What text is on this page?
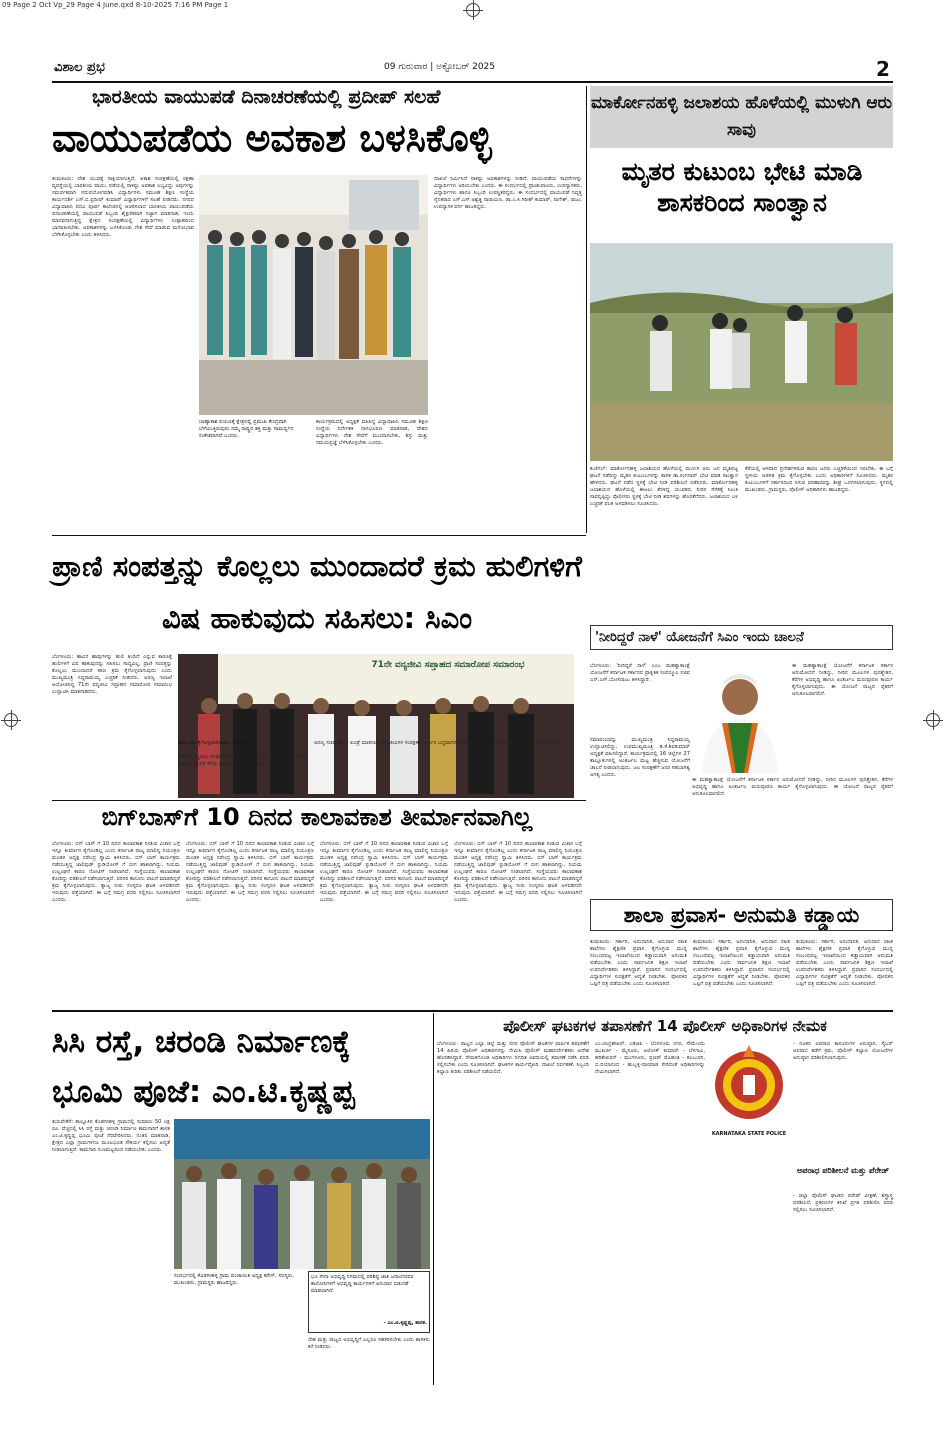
09 Page 2 Oct Vp_29 Page 4 June.qxd 8-10-2025 7:16 PM Page 1
ವಿಶಾಲ ಪ್ರಭ	09 ಗುರುವಾರ | ಅಕ್ಟೋಬರ್ 2025	2
ಭಾರತೀಯ ವಾಯುಪಡೆ ದಿನಾಚರಣೆಯಲ್ಲಿ ಪ್ರದೀಪ್ ಸಲಹೆ
ವಾಯುಪಡೆಯ ಅವಕಾಶ ಬಳಸಿಕೊಳ್ಳಿ
ತುಮಕೂರು: ದೇಶ ಯುವಕ್ಕೆ ಸಾಕ್ಷಿಯಾಗುತ್ತಿದೆ, ಆಕಾಶ ಸಂರಕ್ಷಣೆಯಲ್ಲಿ ರಕ್ಷಣಾ ವ್ಯವಸ್ಥೆಯಲ್ಲಿ ಭಾರತೀಯ ವಾಯು ಪಡೆಯಲ್ಲಿ ಸಾಕಷ್ಟು ಅವಕಾಶ ಲಭ್ಯವಿದ್ದು ಅವುಗಳನ್ನು ಸಮರ್ಪಕವಾಗಿ ಸದುಪಯೋಗಪಡಿಸಿ ವಿದ್ಯಾರ್ಥಿಗಳು ಸಮೂಹ ಶಿಕ್ಷಣ ಸಂಸ್ಥೆಯ ಕಾರ್ಯದರ್ಶಿ ಎಸ್.ಬಿ.ಪ್ರದೀಪ್ ಕುಮಾರ್ ವಿದ್ಯಾರ್ಥಿಗಳಿಗೆ ಸಲಹೆ ನೀಡಿದರು. ನಗರದ ವಿದ್ಯಾವಾಹಿನಿ ಪದವಿ ಪೂರ್ವ ಕಾಲೇಜಿನಲ್ಲಿ ಆಚರಿಸಲಾದ ಭಾರತೀಯ ವಾಯುಪಡೆಯ ದಿನಾಚರಣೆಯಲ್ಲಿ ವಾಯುಪಡೆ ಸಿಬ್ಬಂದಿ ಶೈಕ್ಷಣಿಕವಾಗಿ ಸಜ್ಜಾಗಿ ಮಾತನಾಡಿ, ಇಂದು ಮಾನವನಾಗುತ್ತಿದ್ದ ಕ್ಷೇತ್ರದ ಸಂರಕ್ಷಣೆಯಲ್ಲಿ ವಿದ್ಯಾರ್ಥಿಗಳು ಉತ್ಸಾಹದಿಂದ ಭಾಗವಹಿಸಬೇಕು. ಅವಕಾಶಗಳನ್ನು ಬಳಸಿಕೊಂಡು ದೇಶ ಸೇವೆ ಮಾಡುವ ಮನೋಭಾವ ಬೆಳೆಸಿಕೊಳ್ಳಬೇಕು ಎಂದು ತಿಳಿಸಿದರು.
ಬಾಹ್ಯಾಕಾಶ ಪಯಣಕ್ಕೆ ಕ್ಷೇತ್ರದಲ್ಲಿ ಪ್ರಮುಖ ಕೇಂದ್ರವಾಗಿ ಬೆಳೆಯುತ್ತಿರುವುದು ನಮ್ಮ ರಾಷ್ಟ್ರದ ಶಕ್ತಿ ಮತ್ತು ಸಾಮರ್ಥ್ಯದ ಸಂಕೇತವಾಗಿದೆ ಎಂದರು.
ಕಾರ್ಯಕ್ರಮದಲ್ಲಿ ಅಧ್ಯಕ್ಷತೆ ವಹಿಸಿದ್ದ ವಿದ್ಯಾವಾಹಿನಿ ಸಮೂಹ ಶಿಕ್ಷಣ ಸಂಸ್ಥೆಯ ನಿರ್ದೇಶಕ ನಾಗಭೂಷಣ ಮಾತನಾಡಿ, ದೇಶದ ವಿದ್ಯಾರ್ಥಿಗಳು ದೇಶ ಸೇವೆಗೆ ಮುಂದಾಗಬೇಕು, ಶಿಸ್ತು ಮತ್ತು ಸಮಯಪ್ರಜ್ಞೆ ಬೆಳೆಸಿಕೊಳ್ಳಬೇಕು ಎಂದರು.
ದಾಖಲೆ ನಿರ್ಮಿಸಿದೆ ಸಾಕಷ್ಟು ಅವಕಾಶಗಳನ್ನು ನೀಡಿದೆ. ವಾಯುಪಡೆಯ ಸಾಧನೆಗಳನ್ನು ವಿದ್ಯಾರ್ಥಿಗಳು ಅರಿಯಬೇಕು ಎಂದರು. ಈ ಸಂದರ್ಭದಲ್ಲಿ ಪ್ರಾಂಶುಪಾಲರು, ಉಪನ್ಯಾಸಕರು, ವಿದ್ಯಾರ್ಥಿಗಳು ಹಾಗೂ ಸಿಬ್ಬಂದಿ ಉಪಸ್ಥಿತರಿದ್ದರು. ಈ ಸಂದರ್ಭದಲ್ಲಿ ವಾಯುಪಡೆ ನಿವೃತ್ತ ಸೈನಿಕರಾದ ಎಸ್.ಎಸ್.ಅಶ್ವತ್ಥ ನಾರಾಯಣ, ಡಾ.ಎ.ಸಿ.ಗಿರೀಶ್ ಕುಮಾರ್, ನಾಗೇಶ್, ರಾಜು, ಉಪನ್ಯಾಸಕ ವರ್ಗ ಹಾಜರಿದ್ದರು.
ಮಾರ್ಕೋನಹಳ್ಳಿ ಜಲಾಶಯ ಹೊಳೆಯಲ್ಲಿ ಮುಳುಗಿ ಆರು ಸಾವು
ಮೃತರ ಕುಟುಂಬ ಭೇಟಿ ಮಾಡಿ ಶಾಸಕರಿಂದ ಸಾಂತ್ವಾನ
ಕುಣಿಗಲ್: ಮಾರ್ಕೋನಹಳ್ಳಿ ಜಲಾಶಯದ ಹೊಳೆಯಲ್ಲಿ ಮುಳುಗಿ ಆರು ಜನ ಮೃತಪಟ್ಟ ಘಟನೆ ನಡೆದಿದ್ದು ಮೃತರ ಕುಟುಂಬಗಳನ್ನು ಶಾಸಕ ಡಾ.ರಂಗನಾಥ್ ಭೇಟಿ ಮಾಡಿ ಸಾಂತ್ವಾನ ಹೇಳಿದರು. ಘಟನೆ ನಡೆದ ಸ್ಥಳಕ್ಕೆ ಭೇಟಿ ನೀಡಿ ಪರಿಶೀಲನೆ ನಡೆಸಿದರು. ಮಾರ್ಕೋನಹಳ್ಳಿ ಜಲಾಶಯದ ಹೊಳೆಯಲ್ಲಿ ಈಜಲು ತೆರಳಿದ್ದ ಯುವಕರು ನೀರಿನ ಸೆಳೆತಕ್ಕೆ ಸಿಲುಕಿ ಸಾವನ್ನಪ್ಪಿದ್ದು ಪೊಲೀಸರು ಸ್ಥಳಕ್ಕೆ ಭೇಟಿ ನೀಡಿ ಶವಗಳನ್ನು ಹೊರತೆಗೆದರು. ಜಲಾಶಯದ ಬಳಿ ಎಚ್ಚರಿಕೆ ಫಲಕ ಅಳವಡಿಸಲು ಸೂಚಿಸಿದರು.
ಕೆರೆಯಲ್ಲಿ ಆಳವಾದ ಪ್ರದೇಶಗಳಿರುವ ಕಾರಣ ಜನರು ಎಚ್ಚರಿಕೆಯಿಂದ ಇರಬೇಕು. ಈ ಬಗ್ಗೆ ಸ್ಥಳೀಯ ಆಡಳಿತ ಕ್ರಮ ಕೈಗೊಳ್ಳಬೇಕು ಎಂದು ಅಧಿಕಾರಿಗಳಿಗೆ ಸೂಚಿಸಿದರು. ಮೃತರ ಕುಟುಂಬಗಳಿಗೆ ಸರ್ಕಾರದಿಂದ ಸಿಗುವ ಪರಿಹಾರವನ್ನು ಶೀಘ್ರ ಒದಗಿಸಲಾಗುವುದು. ಸ್ಥಳದಲ್ಲಿ ಮುಖಂಡರು, ಗ್ರಾಮಸ್ಥರು, ಪೊಲೀಸ್ ಅಧಿಕಾರಿಗಳು ಹಾಜರಿದ್ದರು.
ಪ್ರಾಣಿ ಸಂಪತ್ತನ್ನು ಕೊಲ್ಲಲು ಮುಂದಾದರೆ ಕ್ರಮ ಹುಲಿಗಳಿಗೆ ವಿಷ ಹಾಕುವುದು ಸಹಿಸಲು: ಸಿಎಂ
ಬೆಂಗಳೂರು: ಹಾವಿನ ಹಾವುಗಳನ್ನು ಹುಲಿ ತಿಂದಿದೆ ಎನ್ನುವ ಕಾರಣಕ್ಕೆ ಹುಲಿಗಳಿಗೆ ವಿಷ ಹಾಕುವುದನ್ನು ಸಹಿಸಲು ಸಾಧ್ಯವಿಲ್ಲ, ಪ್ರಾಣಿ ಸಂಪತ್ತನ್ನು ಕೊಲ್ಲಲು ಮುಂದಾದರೆ ಕಠಿಣ ಕ್ರಮ ಕೈಗೊಳ್ಳಲಾಗುವುದು ಎಂದು ಮುಖ್ಯಮಂತ್ರಿ ಸಿದ್ದರಾಮಯ್ಯ ಎಚ್ಚರಿಕೆ ನೀಡಿದರು. ಅರಣ್ಯ ಇಲಾಖೆ ಆಯೋಜಿಸಿದ್ದ 71ನೇ ವನ್ಯಜೀವಿ ಸಪ್ತಾಹದ ಸಮಾರೋಪ ಸಮಾರಂಭ ಉದ್ಘಾಟಿಸಿ ಮಾತನಾಡಿದರು.
71ನೇ ವನ್ಯಜೀವಿ ಸಪ್ತಾಹದ ಸಮಾರೋಪ ಸಮಾರಂಭ
ಕಠಿಣ ಕ್ರಮ ಕೈಗೊಳ್ಳಲಾಗುವುದು ಎಂದರು.
ಮಾನವ-ವನ್ಯಜೀವಿ ಸಂಘರ್ಷ ತಡೆಗಟ್ಟಲು ಅಗತ್ಯ ಕ್ರಮ ಕೈಗೊಳ್ಳಲಾಗಿದೆ. ಅರಣ್ಯ ಪ್ರದೇಶ ಒತ್ತುವರಿ ತೆರವು ಮಾಡಲಾಗುವುದು ಎಂದರು.
ಅರಣ್ಯ ಸಚಿವ ಈಶ್ವರ ಖಂಡ್ರೆ ಮಾತನಾಡಿ, ವನ್ಯಜೀವಿಗಳ ಸಂರಕ್ಷಣೆಗೆ ಸರ್ಕಾರ ಬದ್ಧವಾಗಿದೆ ಎಂದರು. ಹುಲಿ ಸಂರಕ್ಷಣೆಗೆ ವಿಶೇಷ ಯೋಜನೆ ರೂಪಿಸಲಾಗಿದೆ.
'ನೀರಿದ್ದರೆ ನಾಳೆ' ಯೋಜನೆಗೆ ಸಿಎಂ ಇಂದು ಚಾಲನೆ
ಬೆಂಗಳೂರು: 'ನೀರಿದ್ದರೆ ನಾಳೆ' ಎಂಬ ಮಹತ್ವಾಕಾಂಕ್ಷೆ ಯೋಜನೆಗೆ ಕರ್ನಾಟಕ ಸರ್ಕಾರದ ಪ್ರಾಕೃತಿಕ ಸಂಪನ್ಮೂಲ ಸಚಿವ ಎನ್.ಎಸ್.ಬೋಸರಾಜು ತಿಳಿಸಿದ್ದಾರೆ.
ಈ ಮಹತ್ವಾಕಾಂಕ್ಷೆ ಯೋಜನೆಗೆ ಕರ್ನಾಟಕ ಸರ್ಕಾರ ಅನುಮೋದನೆ ನೀಡಿದ್ದು, ನೀರಿನ ಮೂಲಗಳ ಪುನಶ್ಚೇತನ, ಕೆರೆಗಳ ಅಭಿವೃದ್ಧಿ ಹಾಗೂ ಅಂತರ್ಜಲ ಮರುಪೂರಣ ಕಾರ್ಯ ಕೈಗೊಳ್ಳಲಾಗುವುದು. ಈ ಯೋಜನೆ ರಾಜ್ಯದ ರೈತರಿಗೆ ಅನುಕೂಲವಾಗಲಿದೆ.
ಸಮಾರಂಭವನ್ನು ಮುಖ್ಯಮಂತ್ರಿ ಸಿದ್ದರಾಮಯ್ಯ ಉದ್ಘಾಟಿಸಲಿದ್ದು, ಉಪಮುಖ್ಯಮಂತ್ರಿ ಡಿ.ಕೆ.ಶಿವಕುಮಾರ್ ಅಧ್ಯಕ್ಷತೆ ವಹಿಸಲಿದ್ದಾರೆ. ಕಾರ್ಯಕ್ರಮದಲ್ಲಿ 16 ಜಿಲ್ಲೆಗಳ 27 ತಾಲ್ಲೂಕುಗಳಲ್ಲಿ ಅಂತರ್ಜಲ ಮಟ್ಟ ಹೆಚ್ಚಿಸುವ ಯೋಜನೆಗೆ ಚಾಲನೆ ನೀಡಲಾಗುವುದು. ಜಲ ಸಂರಕ್ಷಣೆಗೆ ಜನರ ಸಹಭಾಗಿತ್ವ ಅಗತ್ಯ ಎಂದರು.
ಈ ಮಹತ್ವಾಕಾಂಕ್ಷೆ ಯೋಜನೆಗೆ ಕರ್ನಾಟಕ ಸರ್ಕಾರ ಅನುಮೋದನೆ ನೀಡಿದ್ದು, ನೀರಿನ ಮೂಲಗಳ ಪುನಶ್ಚೇತನ, ಕೆರೆಗಳ ಅಭಿವೃದ್ಧಿ ಹಾಗೂ ಅಂತರ್ಜಲ ಮರುಪೂರಣ ಕಾರ್ಯ ಕೈಗೊಳ್ಳಲಾಗುವುದು. ಈ ಯೋಜನೆ ರಾಜ್ಯದ ರೈತರಿಗೆ ಅನುಕೂಲವಾಗಲಿದೆ.
ಬಿಗ್‌ಬಾಸ್‌ಗೆ 10 ದಿನದ ಕಾಲಾವಕಾಶ ತೀರ್ಮಾನವಾಗಿಲ್ಲ
ಬೆಂಗಳೂರು: ಬಿಗ್ ಬಾಸ್ ಗೆ 10 ದಿನದ ಕಾಲಾವಕಾಶ ನೀಡುವ ವಿಚಾರ ಬಗ್ಗೆ ಇನ್ನೂ ತೀರ್ಮಾನ ಕೈಗೊಂಡಿಲ್ಲ ಎಂದು ಕರ್ನಾಟಕ ರಾಜ್ಯ ಮಾಲಿನ್ಯ ನಿಯಂತ್ರಣ ಮಂಡಳಿ ಅಧ್ಯಕ್ಷ ನರೇಂದ್ರ ಸ್ವಾಮಿ ತಿಳಿಸಿದರು. ಬಿಗ್ ಬಾಸ್ ಕಾರ್ಯಕ್ರಮ ನಡೆಯುತ್ತಿದ್ದ ಜಾಲಿವುಡ್ ಸ್ಟುಡಿಯೋಸ್ ಗೆ ಬೀಗ ಹಾಕಲಾಗಿದ್ದು, ನಿಯಮ ಉಲ್ಲಂಘನೆ ಕಾರಣ ನೋಟಿಸ್ ನೀಡಲಾಗಿದೆ. ಸಂಸ್ಥೆಯವರು ಕಾಲಾವಕಾಶ ಕೋರಿದ್ದು ಪರಿಶೀಲನೆ ನಡೆಸಲಾಗುತ್ತಿದೆ. ಪರಿಸರ ಕಾನೂನು ಪಾಲನೆ ಮಾಡದಿದ್ದರೆ ಕ್ರಮ ಕೈಗೊಳ್ಳಲಾಗುವುದು. ತ್ಯಾಜ್ಯ ನೀರು ಸಂಸ್ಕರಣ ಘಟಕ ಅಳವಡಿಸದೇ ಇರುವುದು ಪತ್ತೆಯಾಗಿದೆ. ಈ ಬಗ್ಗೆ ಸಮಗ್ರ ವರದಿ ಸಲ್ಲಿಸಲು ಸೂಚಿಸಲಾಗಿದೆ ಎಂದರು.
ಬೆಂಗಳೂರು: ಬಿಗ್ ಬಾಸ್ ಗೆ 10 ದಿನದ ಕಾಲಾವಕಾಶ ನೀಡುವ ವಿಚಾರ ಬಗ್ಗೆ ಇನ್ನೂ ತೀರ್ಮಾನ ಕೈಗೊಂಡಿಲ್ಲ ಎಂದು ಕರ್ನಾಟಕ ರಾಜ್ಯ ಮಾಲಿನ್ಯ ನಿಯಂತ್ರಣ ಮಂಡಳಿ ಅಧ್ಯಕ್ಷ ನರೇಂದ್ರ ಸ್ವಾಮಿ ತಿಳಿಸಿದರು. ಬಿಗ್ ಬಾಸ್ ಕಾರ್ಯಕ್ರಮ ನಡೆಯುತ್ತಿದ್ದ ಜಾಲಿವುಡ್ ಸ್ಟುಡಿಯೋಸ್ ಗೆ ಬೀಗ ಹಾಕಲಾಗಿದ್ದು, ನಿಯಮ ಉಲ್ಲಂಘನೆ ಕಾರಣ ನೋಟಿಸ್ ನೀಡಲಾಗಿದೆ. ಸಂಸ್ಥೆಯವರು ಕಾಲಾವಕಾಶ ಕೋರಿದ್ದು ಪರಿಶೀಲನೆ ನಡೆಸಲಾಗುತ್ತಿದೆ. ಪರಿಸರ ಕಾನೂನು ಪಾಲನೆ ಮಾಡದಿದ್ದರೆ ಕ್ರಮ ಕೈಗೊಳ್ಳಲಾಗುವುದು. ತ್ಯಾಜ್ಯ ನೀರು ಸಂಸ್ಕರಣ ಘಟಕ ಅಳವಡಿಸದೇ ಇರುವುದು ಪತ್ತೆಯಾಗಿದೆ. ಈ ಬಗ್ಗೆ ಸಮಗ್ರ ವರದಿ ಸಲ್ಲಿಸಲು ಸೂಚಿಸಲಾಗಿದೆ ಎಂದರು.
ಬೆಂಗಳೂರು: ಬಿಗ್ ಬಾಸ್ ಗೆ 10 ದಿನದ ಕಾಲಾವಕಾಶ ನೀಡುವ ವಿಚಾರ ಬಗ್ಗೆ ಇನ್ನೂ ತೀರ್ಮಾನ ಕೈಗೊಂಡಿಲ್ಲ ಎಂದು ಕರ್ನಾಟಕ ರಾಜ್ಯ ಮಾಲಿನ್ಯ ನಿಯಂತ್ರಣ ಮಂಡಳಿ ಅಧ್ಯಕ್ಷ ನರೇಂದ್ರ ಸ್ವಾಮಿ ತಿಳಿಸಿದರು. ಬಿಗ್ ಬಾಸ್ ಕಾರ್ಯಕ್ರಮ ನಡೆಯುತ್ತಿದ್ದ ಜಾಲಿವುಡ್ ಸ್ಟುಡಿಯೋಸ್ ಗೆ ಬೀಗ ಹಾಕಲಾಗಿದ್ದು, ನಿಯಮ ಉಲ್ಲಂಘನೆ ಕಾರಣ ನೋಟಿಸ್ ನೀಡಲಾಗಿದೆ. ಸಂಸ್ಥೆಯವರು ಕಾಲಾವಕಾಶ ಕೋರಿದ್ದು ಪರಿಶೀಲನೆ ನಡೆಸಲಾಗುತ್ತಿದೆ. ಪರಿಸರ ಕಾನೂನು ಪಾಲನೆ ಮಾಡದಿದ್ದರೆ ಕ್ರಮ ಕೈಗೊಳ್ಳಲಾಗುವುದು. ತ್ಯಾಜ್ಯ ನೀರು ಸಂಸ್ಕರಣ ಘಟಕ ಅಳವಡಿಸದೇ ಇರುವುದು ಪತ್ತೆಯಾಗಿದೆ. ಈ ಬಗ್ಗೆ ಸಮಗ್ರ ವರದಿ ಸಲ್ಲಿಸಲು ಸೂಚಿಸಲಾಗಿದೆ ಎಂದರು.
ಬೆಂಗಳೂರು: ಬಿಗ್ ಬಾಸ್ ಗೆ 10 ದಿನದ ಕಾಲಾವಕಾಶ ನೀಡುವ ವಿಚಾರ ಬಗ್ಗೆ ಇನ್ನೂ ತೀರ್ಮಾನ ಕೈಗೊಂಡಿಲ್ಲ ಎಂದು ಕರ್ನಾಟಕ ರಾಜ್ಯ ಮಾಲಿನ್ಯ ನಿಯಂತ್ರಣ ಮಂಡಳಿ ಅಧ್ಯಕ್ಷ ನರೇಂದ್ರ ಸ್ವಾಮಿ ತಿಳಿಸಿದರು. ಬಿಗ್ ಬಾಸ್ ಕಾರ್ಯಕ್ರಮ ನಡೆಯುತ್ತಿದ್ದ ಜಾಲಿವುಡ್ ಸ್ಟುಡಿಯೋಸ್ ಗೆ ಬೀಗ ಹಾಕಲಾಗಿದ್ದು, ನಿಯಮ ಉಲ್ಲಂಘನೆ ಕಾರಣ ನೋಟಿಸ್ ನೀಡಲಾಗಿದೆ. ಸಂಸ್ಥೆಯವರು ಕಾಲಾವಕಾಶ ಕೋರಿದ್ದು ಪರಿಶೀಲನೆ ನಡೆಸಲಾಗುತ್ತಿದೆ. ಪರಿಸರ ಕಾನೂನು ಪಾಲನೆ ಮಾಡದಿದ್ದರೆ ಕ್ರಮ ಕೈಗೊಳ್ಳಲಾಗುವುದು. ತ್ಯಾಜ್ಯ ನೀರು ಸಂಸ್ಕರಣ ಘಟಕ ಅಳವಡಿಸದೇ ಇರುವುದು ಪತ್ತೆಯಾಗಿದೆ. ಈ ಬಗ್ಗೆ ಸಮಗ್ರ ವರದಿ ಸಲ್ಲಿಸಲು ಸೂಚಿಸಲಾಗಿದೆ ಎಂದರು.
ಶಾಲಾ ಪ್ರವಾಸ- ಅನುಮತಿ ಕಡ್ಡಾಯ
ತುಮಕೂರು: ಸರ್ಕಾರಿ, ಅನುದಾನಿತ, ಅನುದಾನ ರಹಿತ ಶಾಲೆಗಳು ಶೈಕ್ಷಣಿಕ ಪ್ರವಾಸ ಕೈಗೊಳ್ಳುವ ಮುನ್ನ ಸಂಬಂಧಪಟ್ಟ ಇಲಾಖೆಯಿಂದ ಕಡ್ಡಾಯವಾಗಿ ಅನುಮತಿ ಪಡೆಯಬೇಕು ಎಂದು ಸಾರ್ವಜನಿಕ ಶಿಕ್ಷಣ ಇಲಾಖೆ ಉಪನಿರ್ದೇಶಕರು ತಿಳಿಸಿದ್ದಾರೆ. ಪ್ರವಾಸದ ಸಂದರ್ಭದಲ್ಲಿ ವಿದ್ಯಾರ್ಥಿಗಳ ಸುರಕ್ಷತೆಗೆ ಆದ್ಯತೆ ನೀಡಬೇಕು. ಪೋಷಕರ ಒಪ್ಪಿಗೆ ಪತ್ರ ಪಡೆಯಬೇಕು ಎಂದು ಸೂಚಿಸಲಾಗಿದೆ.
ತುಮಕೂರು: ಸರ್ಕಾರಿ, ಅನುದಾನಿತ, ಅನುದಾನ ರಹಿತ ಶಾಲೆಗಳು ಶೈಕ್ಷಣಿಕ ಪ್ರವಾಸ ಕೈಗೊಳ್ಳುವ ಮುನ್ನ ಸಂಬಂಧಪಟ್ಟ ಇಲಾಖೆಯಿಂದ ಕಡ್ಡಾಯವಾಗಿ ಅನುಮತಿ ಪಡೆಯಬೇಕು ಎಂದು ಸಾರ್ವಜನಿಕ ಶಿಕ್ಷಣ ಇಲಾಖೆ ಉಪನಿರ್ದೇಶಕರು ತಿಳಿಸಿದ್ದಾರೆ. ಪ್ರವಾಸದ ಸಂದರ್ಭದಲ್ಲಿ ವಿದ್ಯಾರ್ಥಿಗಳ ಸುರಕ್ಷತೆಗೆ ಆದ್ಯತೆ ನೀಡಬೇಕು. ಪೋಷಕರ ಒಪ್ಪಿಗೆ ಪತ್ರ ಪಡೆಯಬೇಕು ಎಂದು ಸೂಚಿಸಲಾಗಿದೆ.
ತುಮಕೂರು: ಸರ್ಕಾರಿ, ಅನುದಾನಿತ, ಅನುದಾನ ರಹಿತ ಶಾಲೆಗಳು ಶೈಕ್ಷಣಿಕ ಪ್ರವಾಸ ಕೈಗೊಳ್ಳುವ ಮುನ್ನ ಸಂಬಂಧಪಟ್ಟ ಇಲಾಖೆಯಿಂದ ಕಡ್ಡಾಯವಾಗಿ ಅನುಮತಿ ಪಡೆಯಬೇಕು ಎಂದು ಸಾರ್ವಜನಿಕ ಶಿಕ್ಷಣ ಇಲಾಖೆ ಉಪನಿರ್ದೇಶಕರು ತಿಳಿಸಿದ್ದಾರೆ. ಪ್ರವಾಸದ ಸಂದರ್ಭದಲ್ಲಿ ವಿದ್ಯಾರ್ಥಿಗಳ ಸುರಕ್ಷತೆಗೆ ಆದ್ಯತೆ ನೀಡಬೇಕು. ಪೋಷಕರ ಒಪ್ಪಿಗೆ ಪತ್ರ ಪಡೆಯಬೇಕು ಎಂದು ಸೂಚಿಸಲಾಗಿದೆ.
ಸಿಸಿ ರಸ್ತೆ, ಚರಂಡಿ ನಿರ್ಮಾಣಕ್ಕೆ ಭೂಮಿ ಪೂಜೆ: ಎಂ.ಟಿ.ಕೃಷ್ಣಪ್ಪ
ತುರುವೇಕೆರೆ: ತಾಲ್ಲೂಕಿನ ಕೊಡಗೀಹಳ್ಳಿ ಗ್ರಾಮದಲ್ಲಿ ಸುಮಾರು 50 ಲಕ್ಷ ರೂ. ವೆಚ್ಚದಲ್ಲಿ ಸಿಸಿ ರಸ್ತೆ ಮತ್ತು ಚರಂಡಿ ನಿರ್ಮಾಣ ಕಾಮಗಾರಿಗೆ ಶಾಸಕ ಎಂ.ಟಿ.ಕೃಷ್ಣಪ್ಪ ಭೂಮಿ ಪೂಜೆ ನೆರವೇರಿಸಿದರು. ನಂತರ ಮಾತನಾಡಿ, ಕ್ಷೇತ್ರದ ಎಲ್ಲಾ ಗ್ರಾಮಗಳಿಗೂ ಮೂಲಭೂತ ಸೌಕರ್ಯ ಕಲ್ಪಿಸಲು ಆದ್ಯತೆ ನೀಡಲಾಗುತ್ತಿದೆ. ಕಾಮಗಾರಿ ಗುಣಮಟ್ಟದಿಂದ ನಡೆಯಬೇಕು ಎಂದರು.
ಸಂದರ್ಭದಲ್ಲಿ ಕೊಡಗೀಹಳ್ಳಿ ಗ್ರಾಮ ಪಂಚಾಯಿತಿ ಅಧ್ಯಕ್ಷ ಕರೇಗ್, ಸದಸ್ಯರು, ಮುಖಂಡರು, ಗ್ರಾಮಸ್ಥರು ಹಾಜರಿದ್ದರು.
ಭೂ ಸೇನಾ ಅಭಿವೃದ್ಧಿ ನಿಗಮದಲ್ಲಿ ಪರಿಶಿಷ್ಟ ಜಾತಿ ಜನಾಂಗದವರ ಕಾಲೋನಿಗಳಿಗೆ ಅಭಿವೃದ್ಧಿ ಕಾರ್ಯಗಳಿಗೆ ಅನುದಾನ ಬಿಡುಗಡೆ ಮಾಡಲಾಗಿದೆ.
- ಎಂ.ಟಿ.ಕೃಷ್ಣಪ್ಪ, ಶಾಸಕ.
ದೇಶ ಮತ್ತು ರಾಜ್ಯದ ಅಭಿವೃದ್ಧಿಗೆ ಎಲ್ಲರೂ ಸಹಕರಿಸಬೇಕು ಎಂದು ಶಾಸಕರು ಕರೆ ನೀಡಿದರು.
ಪೊಲೀಸ್ ಘಟಕಗಳ ತಪಾಸಣೆಗೆ 14 ಪೊಲೀಸ್ ಅಧಿಕಾರಿಗಳ ನೇಮಕ
ಬೆಂಗಳೂರು: ರಾಜ್ಯದ ಎಲ್ಲಾ ಜಿಲ್ಲೆ ಮತ್ತು ನಗರ ಪೊಲೀಸ್ ಘಟಕಗಳ ವಾರ್ಷಿಕ ತಪಾಸಣೆಗೆ 14 ಹಿರಿಯ ಪೊಲೀಸ್ ಅಧಿಕಾರಿಗಳನ್ನು ನೇಮಿಸಿ ಪೊಲೀಸ್ ಮಹಾನಿರ್ದೇಶಕರು ಆದೇಶ ಹೊರಡಿಸಿದ್ದಾರೆ. ನೇಮಕಗೊಂಡ ಅಧಿಕಾರಿಗಳು ನಿಗದಿತ ಅವಧಿಯಲ್ಲಿ ತಪಾಸಣೆ ನಡೆಸಿ ವರದಿ ಸಲ್ಲಿಸಬೇಕು ಎಂದು ಸೂಚಿಸಲಾಗಿದೆ. ಘಟಕಗಳ ಕಾರ್ಯವೈಖರಿ, ದಾಖಲೆ ನಿರ್ವಹಣೆ, ಸಿಬ್ಬಂದಿ ಕಲ್ಯಾಣ ಕುರಿತು ಪರಿಶೀಲನೆ ನಡೆಯಲಿದೆ.
ಎಂ.ಚಂದ್ರಶೇಖರ್, ಎಡಿಜಿಪಿ - ಬೆಂಗಳೂರು ನಗರ, ಸೌಮೇಂದು ಮುಖರ್ಜಿ - ಮೈಸೂರು, ಅಲೋಕ್ ಕುಮಾರ್ - ಬೆಳಗಾವಿ, ಹರಿಶೇಖರನ್ - ಮಂಗಳೂರು, ಪ್ರಣವ್ ಮೊಹಂತಿ - ಕಲಬುರಗಿ, ಬಿ.ದಯಾನಂದ - ಹುಬ್ಬಳ್ಳಿ-ಧಾರವಾಡ ಸೇರಿದಂತೆ ಅಧಿಕಾರಿಗಳನ್ನು ನೇಮಿಸಲಾಗಿದೆ.
KARNATAKA STATE POLICE
- ನೂತನ ಅಪರಾಧ ಕಾನೂನುಗಳ ಅನುಷ್ಠಾನ, ಸೈಬರ್ ಅಪರಾಧ ತಡೆಗೆ ಕ್ರಮ, ಪೊಲೀಸ್ ಕಲ್ಯಾಣ ಯೋಜನೆಗಳ ಅನುಷ್ಠಾನ ಪರಿಶೀಲಿಸಲಾಗುವುದು.
ಅಪರಾಧ ಪರಿಶೀಲನೆ ಮತ್ತು ಪೆರೇಡ್
- ಜಿಲ್ಲಾ ಪೊಲೀಸ್ ಘಟಕದ ಪರೇಡ್ ವೀಕ್ಷಣೆ, ಶಸ್ತ್ರಾಸ್ತ್ರ ಪರಿಶೀಲನೆ, ಪ್ರಕರಣಗಳ ತನಿಖೆ ಪ್ರಗತಿ ಪರಿಶೀಲಿಸಿ ವರದಿ ಸಲ್ಲಿಸಲು ಸೂಚಿಸಲಾಗಿದೆ.
